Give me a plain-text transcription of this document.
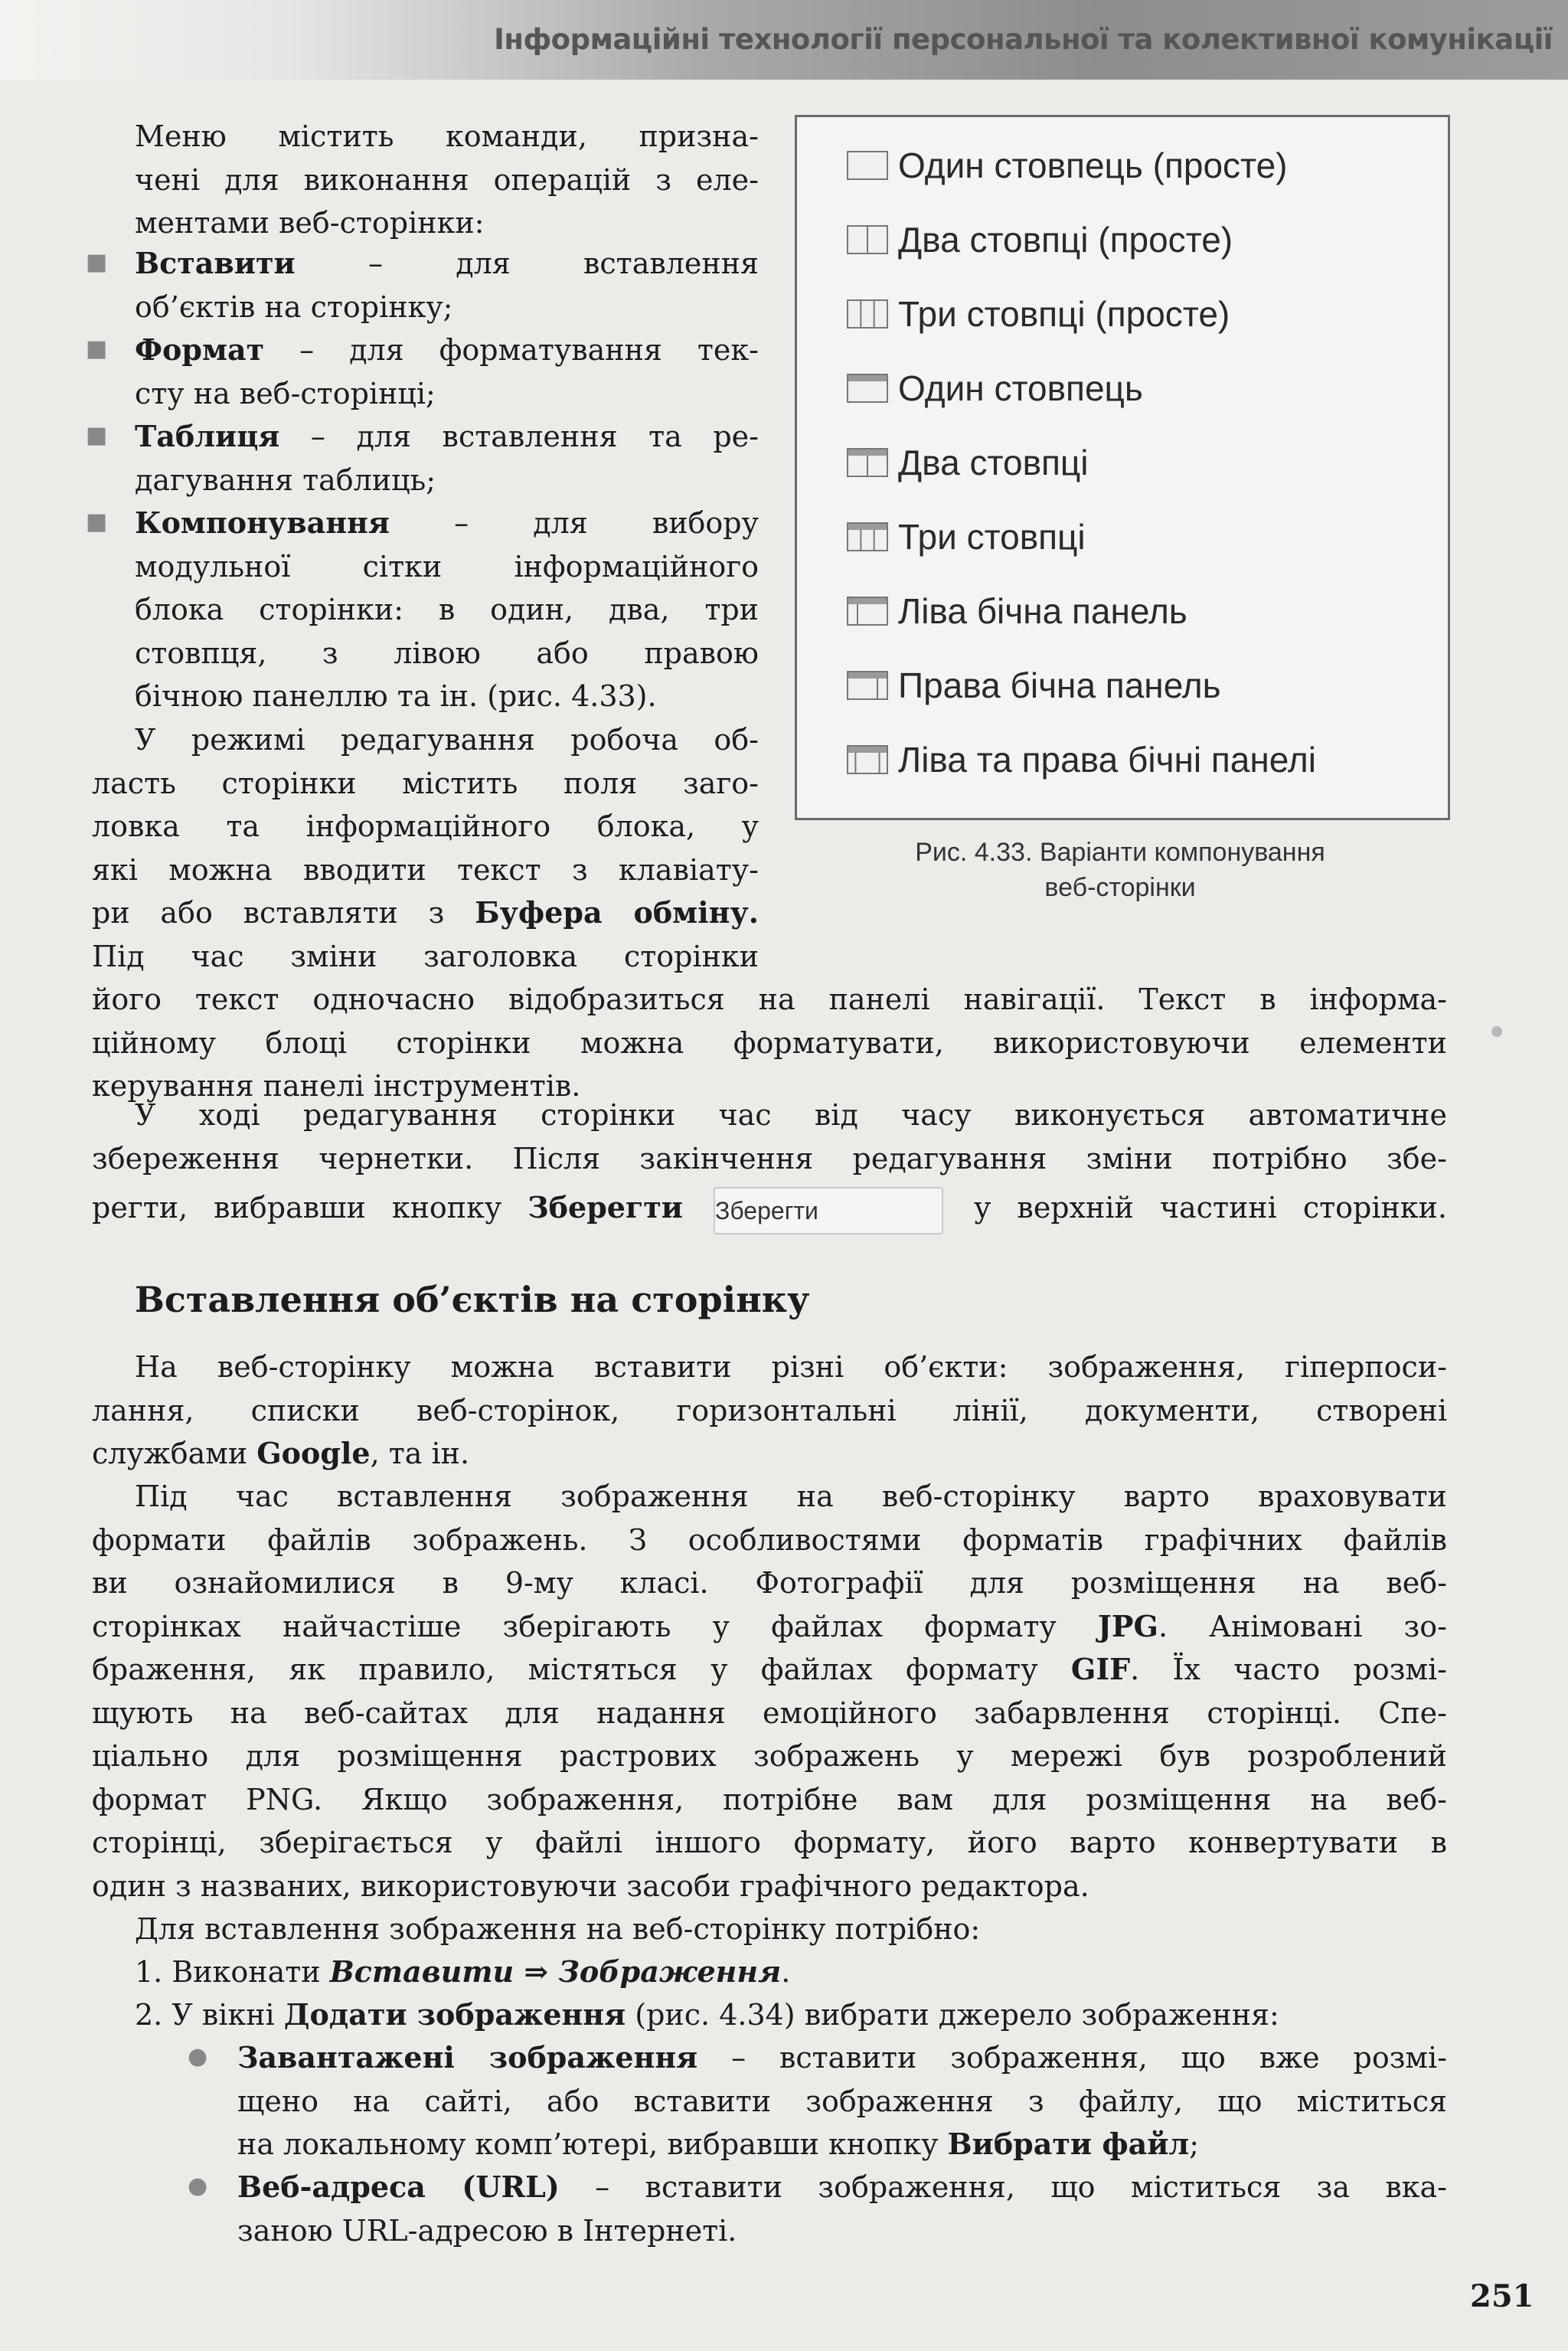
Інформаційні технології персональної та колективної комунікації
Меню містить команди, призна-
чені для виконання операцій з еле-
ментами веб-сторінки:
■ Вставити – для вставлення
об’єктів на сторінку;
■ Формат – для форматування тек-
сту на веб-сторінці;
■ Таблиця – для вставлення та ре-
дагування таблиць;
■ Компонування – для вибору
модульної сітки інформаційного
блока сторінки: в один, два, три
стовпця, з лівою або правою
бічною панеллю та ін. (рис. 4.33).
У режимі редагування робоча об-
ласть сторінки містить поля заго-
ловка та інформаційного блока, у
які можна вводити текст з клавіату-
ри або вставляти з Буфера обміну.
Під час зміни заголовка сторінки
його текст одночасно відобразиться на панелі навігації. Текст в інформа-
ційному блоці сторінки можна форматувати, використовуючи елементи
керування панелі інструментів.
У ході редагування сторінки час від часу виконується автоматичне
збереження чернетки. Після закінчення редагування зміни потрібно збе-
регти, вибравши кнопку Зберегти Зберегти	у верхній частині сторінки.
Один стовпець (просте)
Два стовпці (просте)
Три стовпці (просте)
Один стовпець
Два стовпці
Три стовпці
Ліва бічна панель
Права бічна панель
Ліва та права бічні панелі
Рис. 4.33. Варіанти компонування
веб-сторінки
Вставлення об’єктів на сторінку
На веб-сторінку можна вставити різні об’єкти: зображення, гіперпоси-
лання, списки веб-сторінок, горизонтальні лінії, документи, створені
службами Google, та ін.
Під час вставлення зображення на веб-сторінку варто враховувати
формати файлів зображень. З особливостями форматів графічних файлів
ви ознайомилися в 9-му класі. Фотографії для розміщення на веб-
сторінках найчастіше зберігають у файлах формату JPG. Анімовані зо-
браження, як правило, містяться у файлах формату GIF. Їх часто розмі-
щують на веб-сайтах для надання емоційного забарвлення сторінці. Спе-
ціально для розміщення растрових зображень у мережі був розроблений
формат PNG. Якщо зображення, потрібне вам для розміщення на веб-
сторінці, зберігається у файлі іншого формату, його варто конвертувати в
один з названих, використовуючи засоби графічного редактора.
Для вставлення зображення на веб-сторінку потрібно:
1. Виконати Вставити ⇒ Зображення.
2. У вікні Додати зображення (рис. 4.34) вибрати джерело зображення:
● Завантажені зображення – вставити зображення, що вже розмі-
щено на сайті, або вставити зображення з файлу, що міститься
на локальному комп’ютері, вибравши кнопку Вибрати файл;
● Веб-адреса (URL) – вставити зображення, що міститься за вка-
заною URL-адресою в Інтернеті.
251
